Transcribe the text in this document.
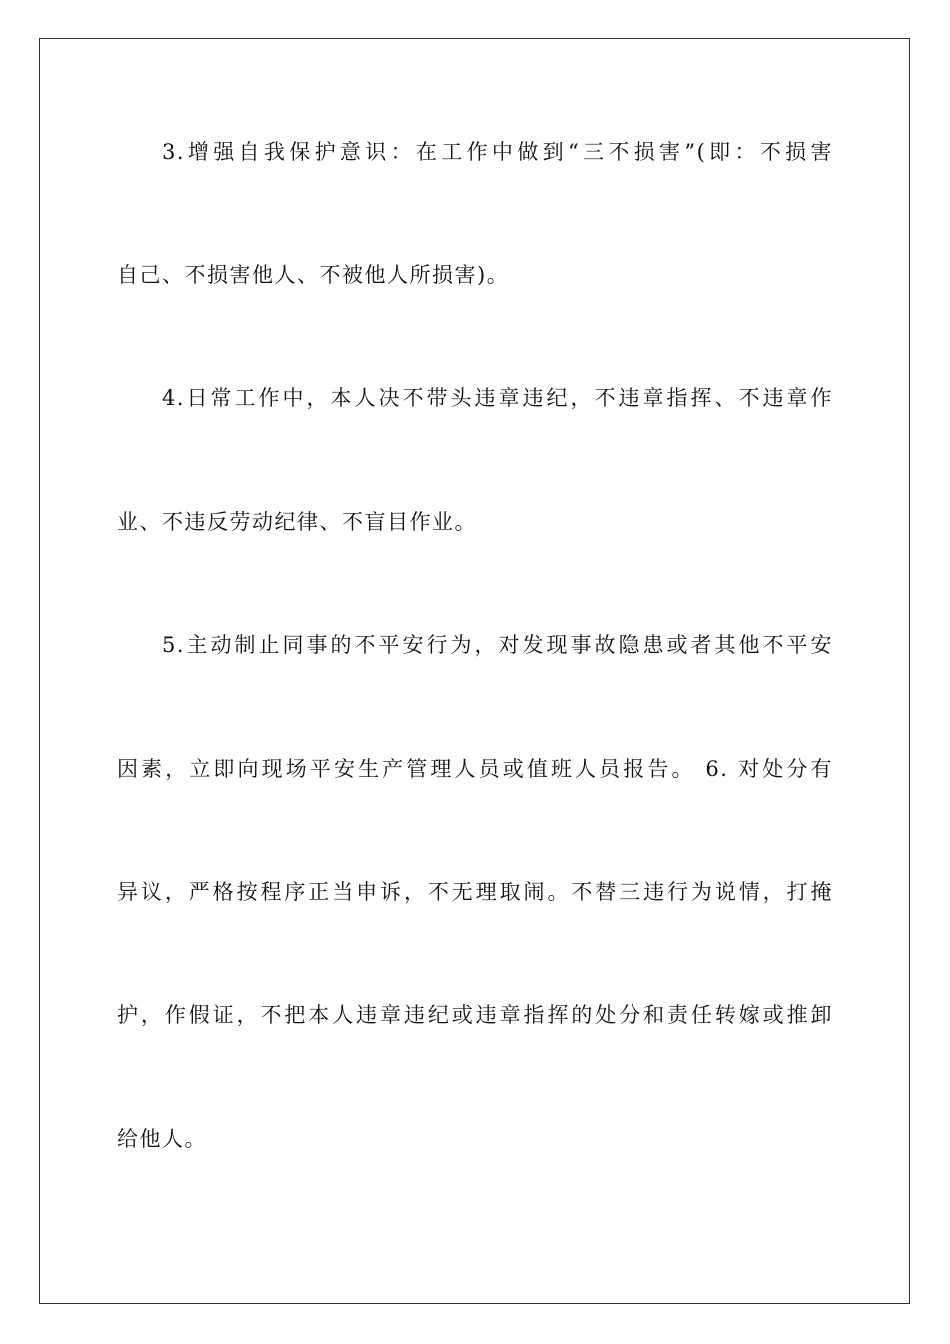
3.增强自我保护意识：在工作中做到“三不损害”(即：不损害
自己、不损害他人、不被他人所损害)。
4.日常工作中，本人决不带头违章违纪，不违章指挥、不违章作
业、不违反劳动纪律、不盲目作业。
5.主动制止同事的不平安行为，对发现事故隐患或者其他不平安
因素，立即向现场平安生产管理人员或值班人员报告。 6. 对处分有
异议，严格按程序正当申诉，不无理取闹。不替三违行为说情，打掩
护，作假证，不把本人违章违纪或违章指挥的处分和责任转嫁或推卸
给他人。
